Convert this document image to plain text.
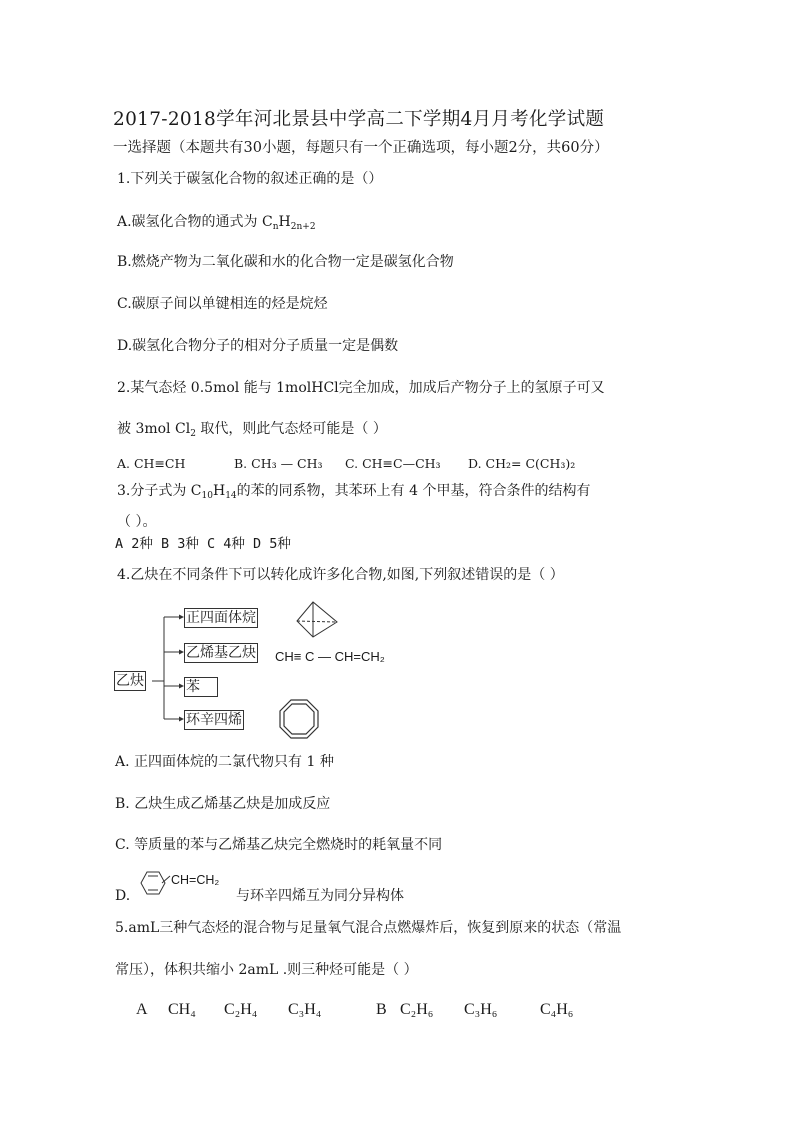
2017-2018学年河北景县中学高二下学期4月月考化学试题
一选择题（本题共有30小题，每题只有一个正确选项，每小题2分，共60分）
1.下列关于碳氢化合物的叙述正确的是（）
A.碳氢化合物的通式为 $C_nH_{2n+2}$
B.燃烧产物为二氧化碳和水的化合物一定是碳氢化合物
C.碳原子间以单键相连的烃是烷烃
D.碳氢化合物分子的相对分子质量一定是偶数
2.某气态烃 0.5mol 能与 1molHCl完全加成，加成后产物分子上的氢原子可又
被 3mol $Cl_2$ 取代，则此气态烃可能是（ ）
A. CH≡CH	B. CH₃ — CH₃ C. CH≡C—CH₃ D. CH₂= C(CH₃)₂
3.分子式为 $C_{10}H_{14}$的苯的同系物，其苯环上有 4 个甲基，符合条件的结构有
（ ）。
A 2种 B 3种 C 4种 D 5种
4.乙炔在不同条件下可以转化成许多化合物,如图,下列叙述错误的是（ ）
乙炔
正四面体烷
乙烯基乙炔
苯
环辛四烯
CH≡ C — CH=CH₂
A. 正四面体烷的二氯代物只有 1 种
B. 乙炔生成乙烯基乙炔是加成反应
C. 等质量的苯与乙烯基乙炔完全燃烧时的耗氧量不同
D.
CH=CH₂
与环辛四烯互为同分异构体
5.amL三种气态烃的混合物与足量氧气混合点燃爆炸后，恢复到原来的状态（常温
常压），体积共缩小 2amL .则三种烃可能是（ ）
A CH₄ C₂H₄ C₃H₄	B C₂H₆ C₃H₆	C₄H₆
